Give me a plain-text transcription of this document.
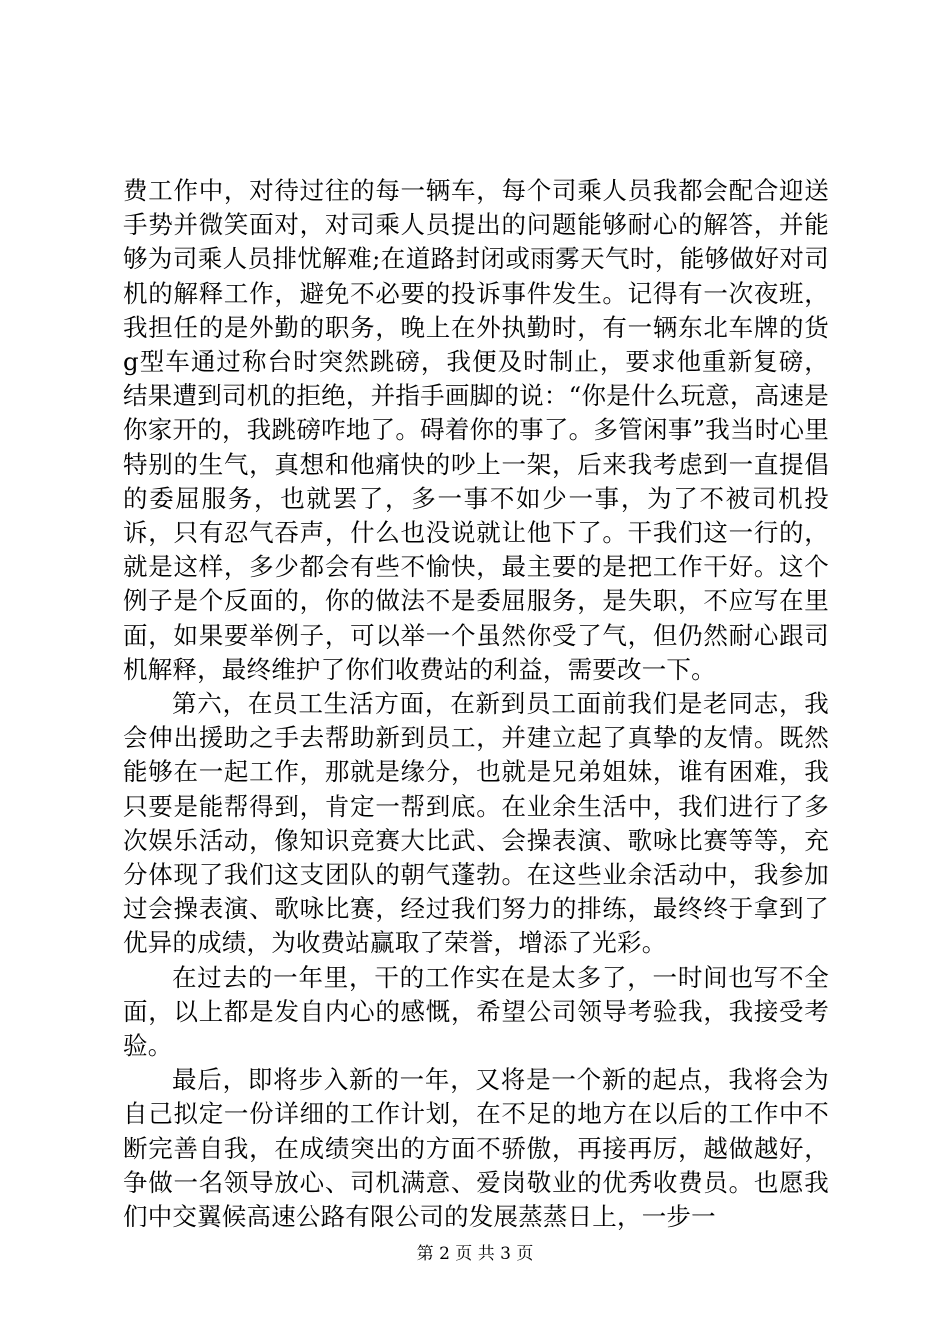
费工作中，对待过往的每一辆车，每个司乘人员我都会配合迎送手势并微笑面对，对司乘人员提出的问题能够耐心的解答，并能够为司乘人员排忧解难;在道路封闭或雨雾天气时，能够做好对司机的解释工作，避免不必要的投诉事件发生。记得有一次夜班，我担任的是外勤的职务，晚上在外执勤时，有一辆东北车牌的货g型车通过称台时突然跳磅，我便及时制止，要求他重新复磅，结果遭到司机的拒绝，并指手画脚的说：“你是什么玩意，高速是你家开的，我跳磅咋地了。碍着你的事了。多管闲事”我当时心里特别的生气，真想和他痛快的吵上一架，后来我考虑到一直提倡的委屈服务，也就罢了，多一事不如少一事，为了不被司机投诉，只有忍气吞声，什么也没说就让他下了。干我们这一行的，就是这样，多少都会有些不愉快，最主要的是把工作干好。这个例子是个反面的，你的做法不是委屈服务，是失职，不应写在里面，如果要举例子，可以举一个虽然你受了气，但仍然耐心跟司机解释，最终维护了你们收费站的利益，需要改一下。

第六，在员工生活方面，在新到员工面前我们是老同志，我会伸出援助之手去帮助新到员工，并建立起了真挚的友情。既然能够在一起工作，那就是缘分，也就是兄弟姐妹，谁有困难，我只要是能帮得到，肯定一帮到底。在业余生活中，我们进行了多次娱乐活动，像知识竞赛大比武、会操表演、歌咏比赛等等，充分体现了我们这支团队的朝气蓬勃。在这些业余活动中，我参加过会操表演、歌咏比赛，经过我们努力的排练，最终终于拿到了优异的成绩，为收费站赢取了荣誉，增添了光彩。

在过去的一年里，干的工作实在是太多了，一时间也写不全面，以上都是发自内心的感慨，希望公司领导考验我，我接受考验。

最后，即将步入新的一年，又将是一个新的起点，我将会为自己拟定一份详细的工作计划，在不足的地方在以后的工作中不断完善自我，在成绩突出的方面不骄傲，再接再厉，越做越好，争做一名领导放心、司机满意、爱岗敬业的优秀收费员。也愿我们中交翼候高速公路有限公司的发展蒸蒸日上，一步一

第 2 页 共 3 页
